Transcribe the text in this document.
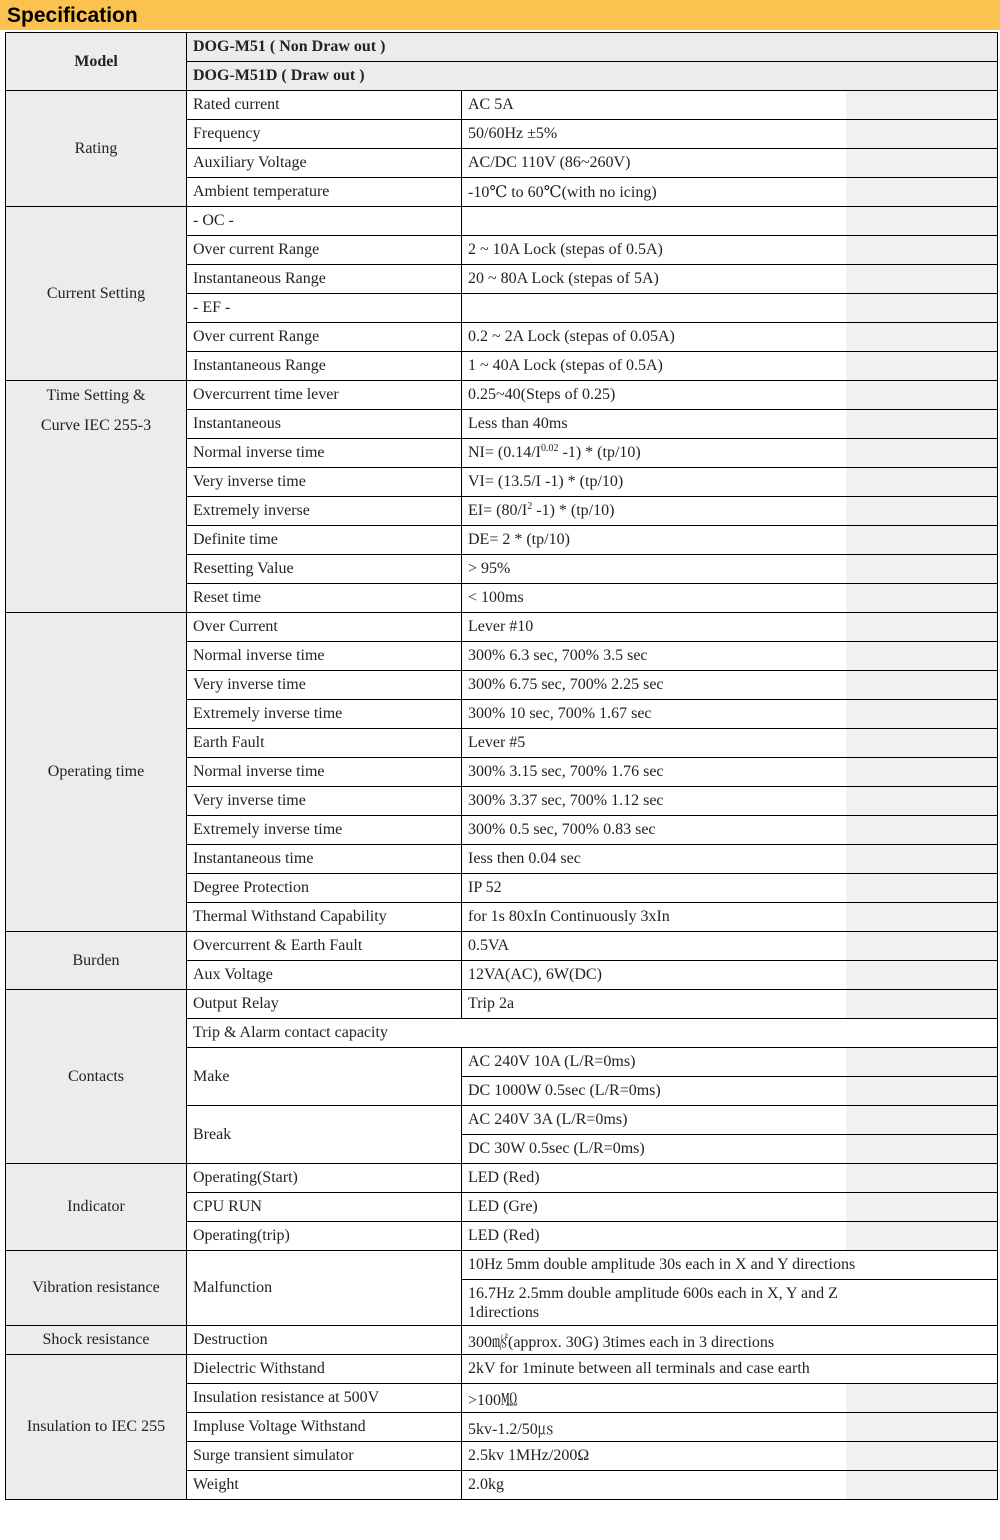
Specification
Model	DOG-M51 ( Non Draw out )		
	DOG-M51D ( Draw out )		
Rating	Rated current	AC 5A	
	Frequency	50/60Hz ±5%	
	Auxiliary Voltage	AC/DC 110V (86~260V)	
	Ambient temperature	-10℃ to 60℃(with no icing)	
Current Setting	- OC -		
	Over current Range	2 ~ 10A Lock (stepas of 0.5A)	
	Instantaneous Range	20 ~ 80A Lock (stepas of 5A)	
	- EF -		
	Over current Range	0.2 ~ 2A Lock (stepas of 0.05A)	
	Instantaneous Range	1 ~ 40A Lock (stepas of 0.5A)	

Time Setting &
Curve IEC 255-3	Overcurrent time lever	0.25~40(Steps of 0.25)	
	Instantaneous	Less than 40ms	
	Normal inverse time	$NI= (0.14/I^{0.02}$ -1) * (tp/10)	
	Very inverse time	VI= (13.5/I -1) * (tp/10)	
	Extremely inverse	$EI= (80/I^2$ -1) * (tp/10)	
	Definite time	DE= 2 * (tp/10)	
	Resetting Value	> 95%	
	Reset time	< 100ms	
Operating time	Over Current	Lever #10	
	Normal inverse time	300% 6.3 sec, 700% 3.5 sec	
	Very inverse time	300% 6.75 sec, 700% 2.25 sec	
	Extremely inverse time	300% 10 sec, 700% 1.67 sec	
	Earth Fault	Lever #5	
	Normal inverse time	300% 3.15 sec, 700% 1.76 sec	
	Very inverse time	300% 3.37 sec, 700% 1.12 sec	
	Extremely inverse time	300% 0.5 sec, 700% 0.83 sec	
	Instantaneous time	Iess then 0.04 sec	
	Degree Protection	IP 52	
	Thermal Withstand Capability	for 1s 80xIn Continuously 3xIn	
Burden	Overcurrent & Earth Fault	0.5VA	
	Aux Voltage	12VA(AC), 6W(DC)	
Contacts	Output Relay	Trip 2a	
	Trip & Alarm contact capacity		
	Make	AC 240V 10A (L/R=0ms)	
		DC 1000W 0.5sec (L/R=0ms)	
	Break	AC 240V 3A (L/R=0ms)	
		DC 30W 0.5sec (L/R=0ms)	
Indicator	Operating(Start)	LED (Red)	
	CPU RUN	LED (Gre)	
	Operating(trip)	LED (Red)	
Vibration resistance	Malfunction	10Hz 5mm double amplitude 30s each in X and Y directions	

		16.7Hz 2.5mm double amplitude 600s each in X, Y and Z 1directions	

Shock resistance	Destruction	300㎨(approx. 30G) 3times each in 3 directions	
Insulation to IEC 255	Dielectric Withstand	2kV for 1minute between all terminals and case earth	
	Insulation resistance at 500V	>100㏁	
	Impluse Voltage Withstand	5kv-1.2/50㎲	
	Surge transient simulator	2.5kv 1MHz/200Ω	
	Weight	2.0kg	
